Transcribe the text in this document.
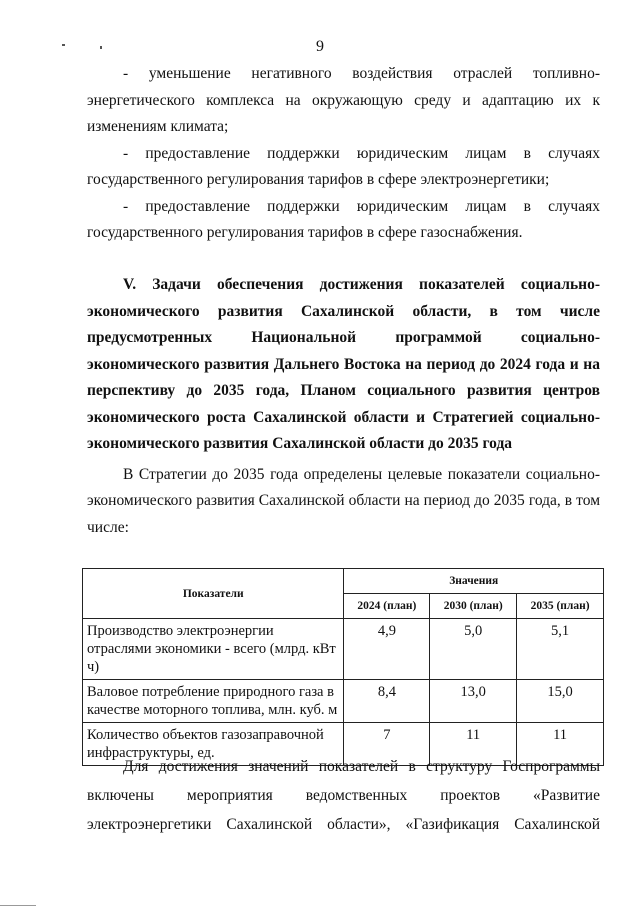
9

- уменьшение негативного воздействия отраслей топливно-энергетического комплекса на окружающую среду и адаптацию их к изменениям климата;

- предоставление поддержки юридическим лицам в случаях государственного регулирования тарифов в сфере электроэнергетики;

- предоставление поддержки юридическим лицам в случаях государственного регулирования тарифов в сфере газоснабжения.

V. Задачи обеспечения достижения показателей социально-экономического развития Сахалинской области, в том числе предусмотренных Национальной программой социально-экономического развития Дальнего Востока на период до 2024 года и на перспективу до 2035 года, Планом социального развития центров экономического роста Сахалинской области и Стратегией социально-экономического развития Сахалинской области до 2035 года

В Стратегии до 2035 года определены целевые показатели социально-экономического развития Сахалинской области на период до 2035 года, в том числе:

Показатели	Значения		
	2024 (план)	2030 (план)	2035 (план)
Производство электроэнергии отраслями экономики - всего (млрд. кВт ч)	4,9	5,0	5,1
Валовое потребление природного газа в качестве моторного топлива, млн. куб. м	8,4	13,0	15,0
Количество объектов газозаправочной инфраструктуры, ед.	7	11	11

Для достижения значений показателей в структуру Госпрограммы

включены мероприятия ведомственных проектов «Развитие

электроэнергетики Сахалинской области», «Газификация Сахалинской
